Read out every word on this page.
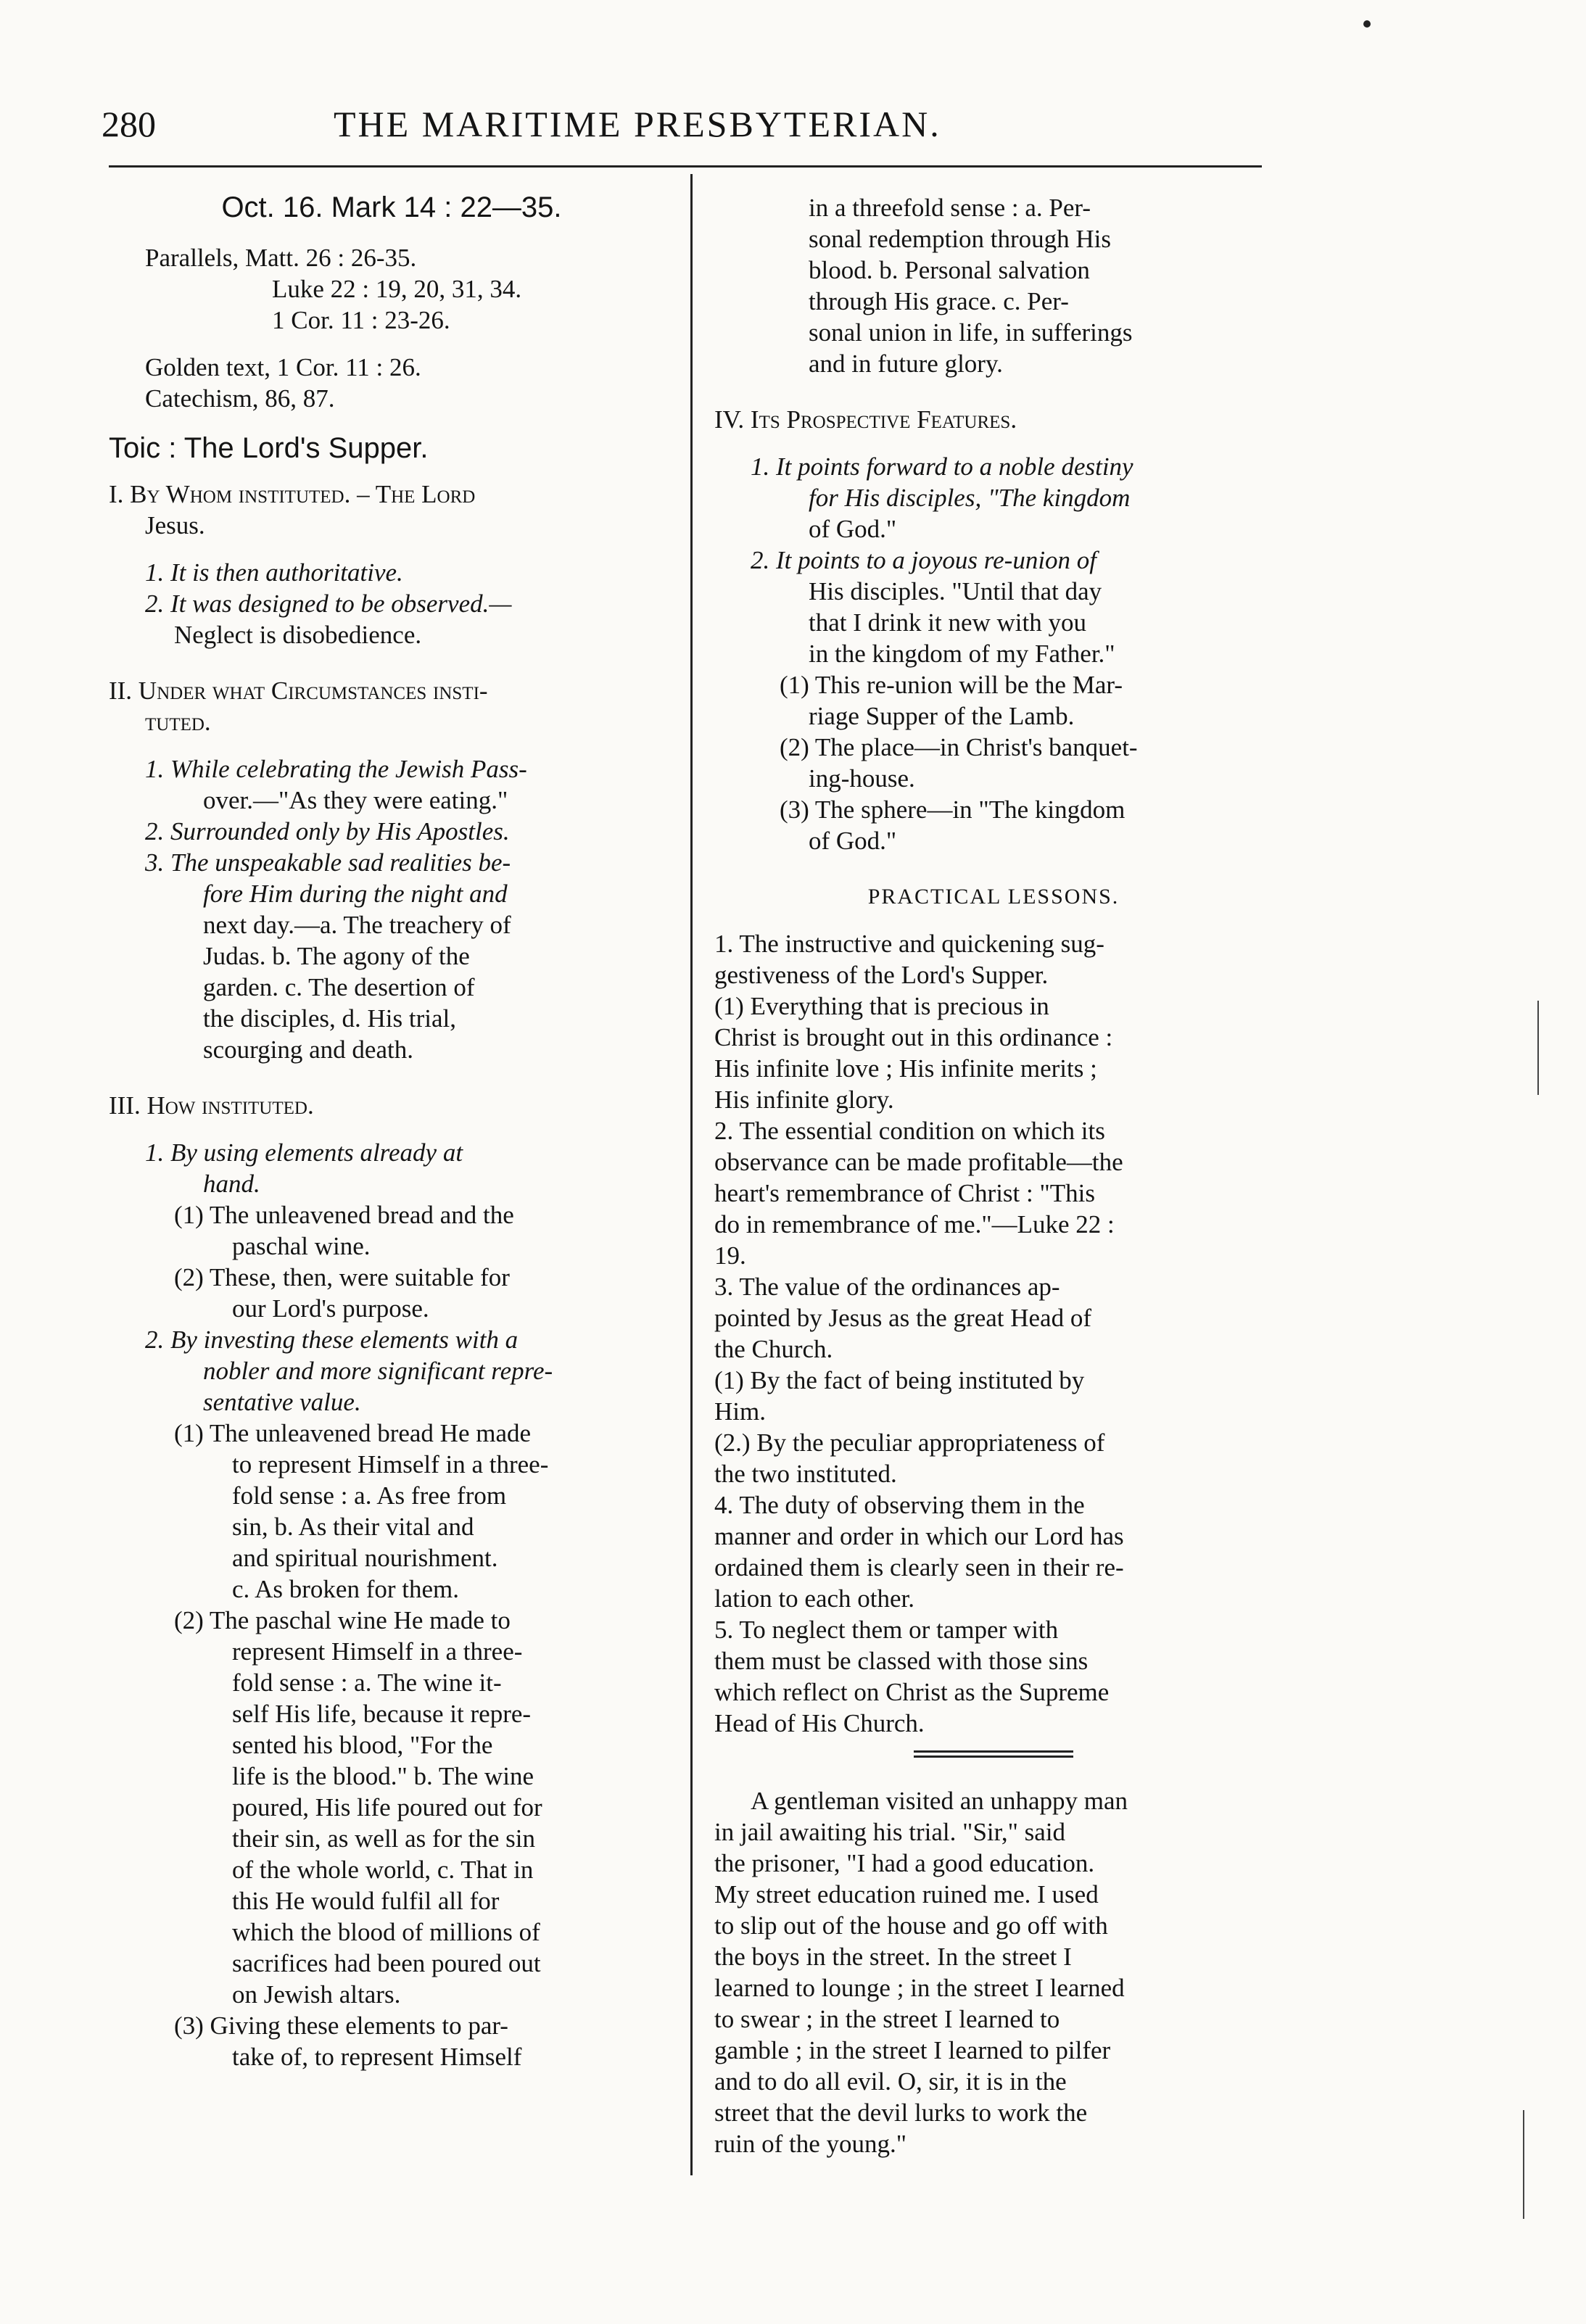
280	THE MARITIME PRESBYTERIAN.
Oct. 16. Mark 14 : 22—35.
Parallels, Matt. 26 : 26-35.
Luke 22 : 19, 20, 31, 34.
1 Cor. 11 : 23-26.
Golden text, 1 Cor. 11 : 26.
Catechism, 86, 87.
Toic : The Lord's Supper.
I. By Whom instituted. – The Lord
Jesus.
1. It is then authoritative.
2. It was designed to be observed.—
Neglect is disobedience.
II. Under what Circumstances insti-
tuted.
1. While celebrating the Jewish Pass-
over.—"As they were eating."
2. Surrounded only by His Apostles.
3. The unspeakable sad realities be-
fore Him during the night and
next day.—a. The treachery of
Judas. b. The agony of the
garden. c. The desertion of
the disciples, d. His trial,
scourging and death.
III. How instituted.
1. By using elements already at
hand.
(1) The unleavened bread and the
paschal wine.
(2) These, then, were suitable for
our Lord's purpose.
2. By investing these elements with a
nobler and more significant repre-
sentative value.
(1) The unleavened bread He made
to represent Himself in a three-
fold sense : a. As free from
sin, b. As their vital and
and spiritual nourishment.
c. As broken for them.
(2) The paschal wine He made to
represent Himself in a three-
fold sense : a. The wine it-
self His life, because it repre-
sented his blood, "For the
life is the blood." b. The wine
poured, His life poured out for
their sin, as well as for the sin
of the whole world, c. That in
this He would fulfil all for
which the blood of millions of
sacrifices had been poured out
on Jewish altars.
(3) Giving these elements to par-
take of, to represent Himself
in a threefold sense : a. Per-
sonal redemption through His
blood. b. Personal salvation
through His grace. c. Per-
sonal union in life, in sufferings
and in future glory.
IV. Its Prospective Features.
1. It points forward to a noble destiny
for His disciples, "The kingdom
of God."
2. It points to a joyous re-union of
His disciples. "Until that day
that I drink it new with you
in the kingdom of my Father."
(1) This re-union will be the Mar-
riage Supper of the Lamb.
(2) The place—in Christ's banquet-
ing-house.
(3) The sphere—in "The kingdom
of God."
PRACTICAL LESSONS.
1. The instructive and quickening sug-
gestiveness of the Lord's Supper.
(1) Everything that is precious in
Christ is brought out in this ordinance :
His infinite love ; His infinite merits ;
His infinite glory.
2. The essential condition on which its
observance can be made profitable—the
heart's remembrance of Christ : "This
do in remembrance of me."—Luke 22 :
19.
3. The value of the ordinances ap-
pointed by Jesus as the great Head of
the Church.
(1) By the fact of being instituted by
Him.
(2.) By the peculiar appropriateness of
the two instituted.
4. The duty of observing them in the
manner and order in which our Lord has
ordained them is clearly seen in their re-
lation to each other.
5. To neglect them or tamper with
them must be classed with those sins
which reflect on Christ as the Supreme
Head of His Church.
A gentleman visited an unhappy man
in jail awaiting his trial. "Sir," said
the prisoner, "I had a good education.
My street education ruined me. I used
to slip out of the house and go off with
the boys in the street. In the street I
learned to lounge ; in the street I learned
to swear ; in the street I learned to
gamble ; in the street I learned to pilfer
and to do all evil. O, sir, it is in the
street that the devil lurks to work the
ruin of the young."
